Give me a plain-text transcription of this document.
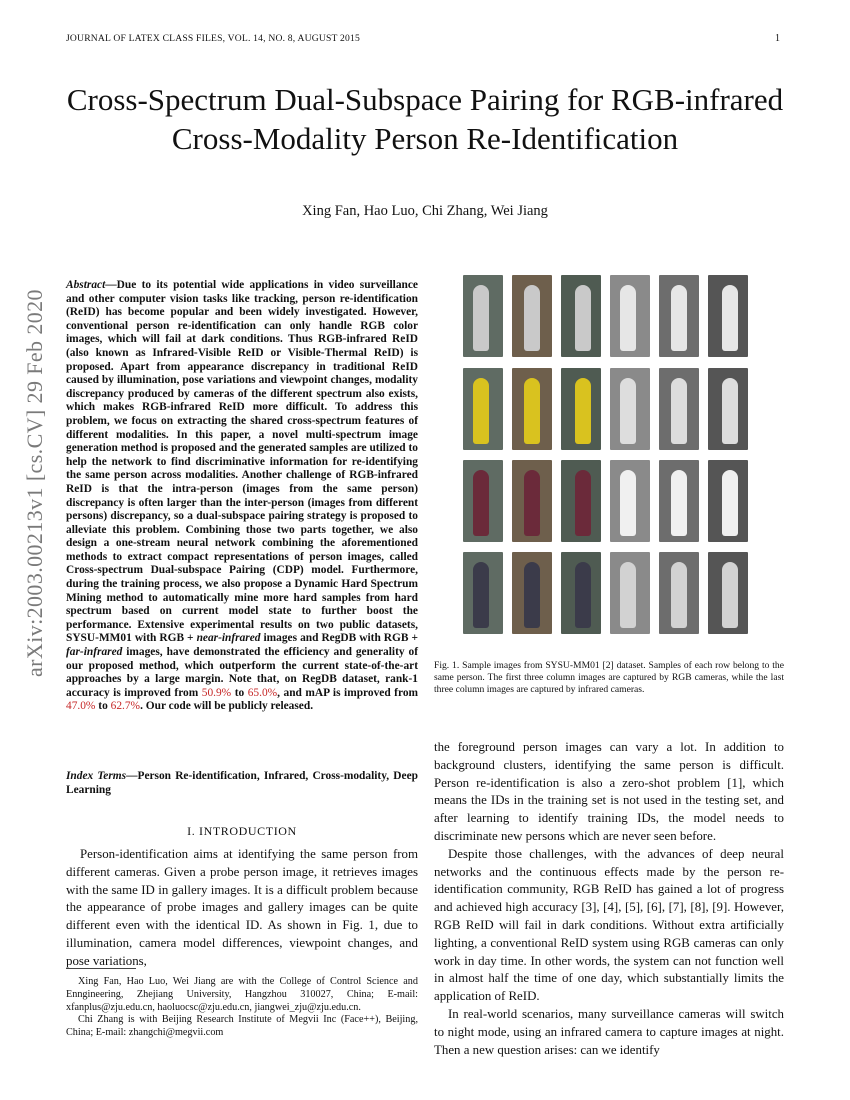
JOURNAL OF LATEX CLASS FILES, VOL. 14, NO. 8, AUGUST 2015	1
Cross-Spectrum Dual-Subspace Pairing for RGB-infrared Cross-Modality Person Re-Identification
Xing Fan, Hao Luo, Chi Zhang, Wei Jiang
arXiv:2003.00213v1 [cs.CV] 29 Feb 2020
Abstract—Due to its potential wide applications in video surveillance and other computer vision tasks like tracking, person re-identification (ReID) has become popular and been widely investigated. However, conventional person re-identification can only handle RGB color images, which will fail at dark conditions. Thus RGB-infrared ReID (also known as Infrared-Visible ReID or Visible-Thermal ReID) is proposed. Apart from appearance discrepancy in traditional ReID caused by illumination, pose variations and viewpoint changes, modality discrepancy produced by cameras of the different spectrum also exists, which makes RGB-infrared ReID more difficult. To address this problem, we focus on extracting the shared cross-spectrum features of different modalities. In this paper, a novel multi-spectrum image generation method is proposed and the generated samples are utilized to help the network to find discriminative information for re-identifying the same person across modalities. Another challenge of RGB-infrared ReID is that the intra-person (images from the same person) discrepancy is often larger than the inter-person (images from different persons) discrepancy, so a dual-subspace pairing strategy is proposed to alleviate this problem. Combining those two parts together, we also design a one-stream neural network combining the aforementioned methods to extract compact representations of person images, called Cross-spectrum Dual-subspace Pairing (CDP) model. Furthermore, during the training process, we also propose a Dynamic Hard Spectrum Mining method to automatically mine more hard samples from hard spectrum based on current model state to further boost the performance. Extensive experimental results on two public datasets, SYSU-MM01 with RGB + near-infrared images and RegDB with RGB + far-infrared images, have demonstrated the efficiency and generality of our proposed method, which outperform the current state-of-the-art approaches by a large margin. Note that, on RegDB dataset, rank-1 accuracy is improved from 50.9% to 65.0%, and mAP is improved from 47.0% to 62.7%. Our code will be publicly released.
Index Terms—Person Re-identification, Infrared, Cross-modality, Deep Learning
I. INTRODUCTION

Person-identification aims at identifying the same person from different cameras. Given a probe person image, it retrieves images with the same ID in gallery images. It is a difficult problem because the appearance of probe images and gallery images can be quite different even with the identical ID. As shown in Fig. 1, due to illumination, camera model differences, viewpoint changes, and pose variations,

Xing Fan, Hao Luo, Wei Jiang are with the College of Control Science and Enngineering, Zhejiang University, Hangzhou 310027, China; E-mail: xfanplus@zju.edu.cn, haoluocsc@zju.edu.cn, jiangwei_zju@zju.edu.cn.

Chi Zhang is with Beijing Research Institute of Megvii Inc (Face++), Beijing, China; E-mail: zhangchi@megvii.com

Fig. 1. Sample images from SYSU-MM01 [2] dataset. Samples of each row belong to the same person. The first three column images are captured by RGB cameras, while the last three column images are captured by infrared cameras.

the foreground person images can vary a lot. In addition to background clusters, identifying the same person is difficult. Person re-identification is also a zero-shot problem [1], which means the IDs in the training set is not used in the testing set, and after learning to identify training IDs, the model needs to discriminate new persons which are never seen before.

Despite those challenges, with the advances of deep neural networks and the continuous effects made by the person re-identification community, RGB ReID has gained a lot of progress and achieved high accuracy [3], [4], [5], [6], [7], [8], [9]. However, RGB ReID will fail in dark conditions. Without extra artificially lighting, a conventional ReID system using RGB cameras can only work in day time. In other words, the system can not function well in almost half the time of one day, which substantially limits the application of ReID.

In real-world scenarios, many surveillance cameras will switch to night mode, using an infrared camera to capture images at night. Then a new question arises: can we identify
